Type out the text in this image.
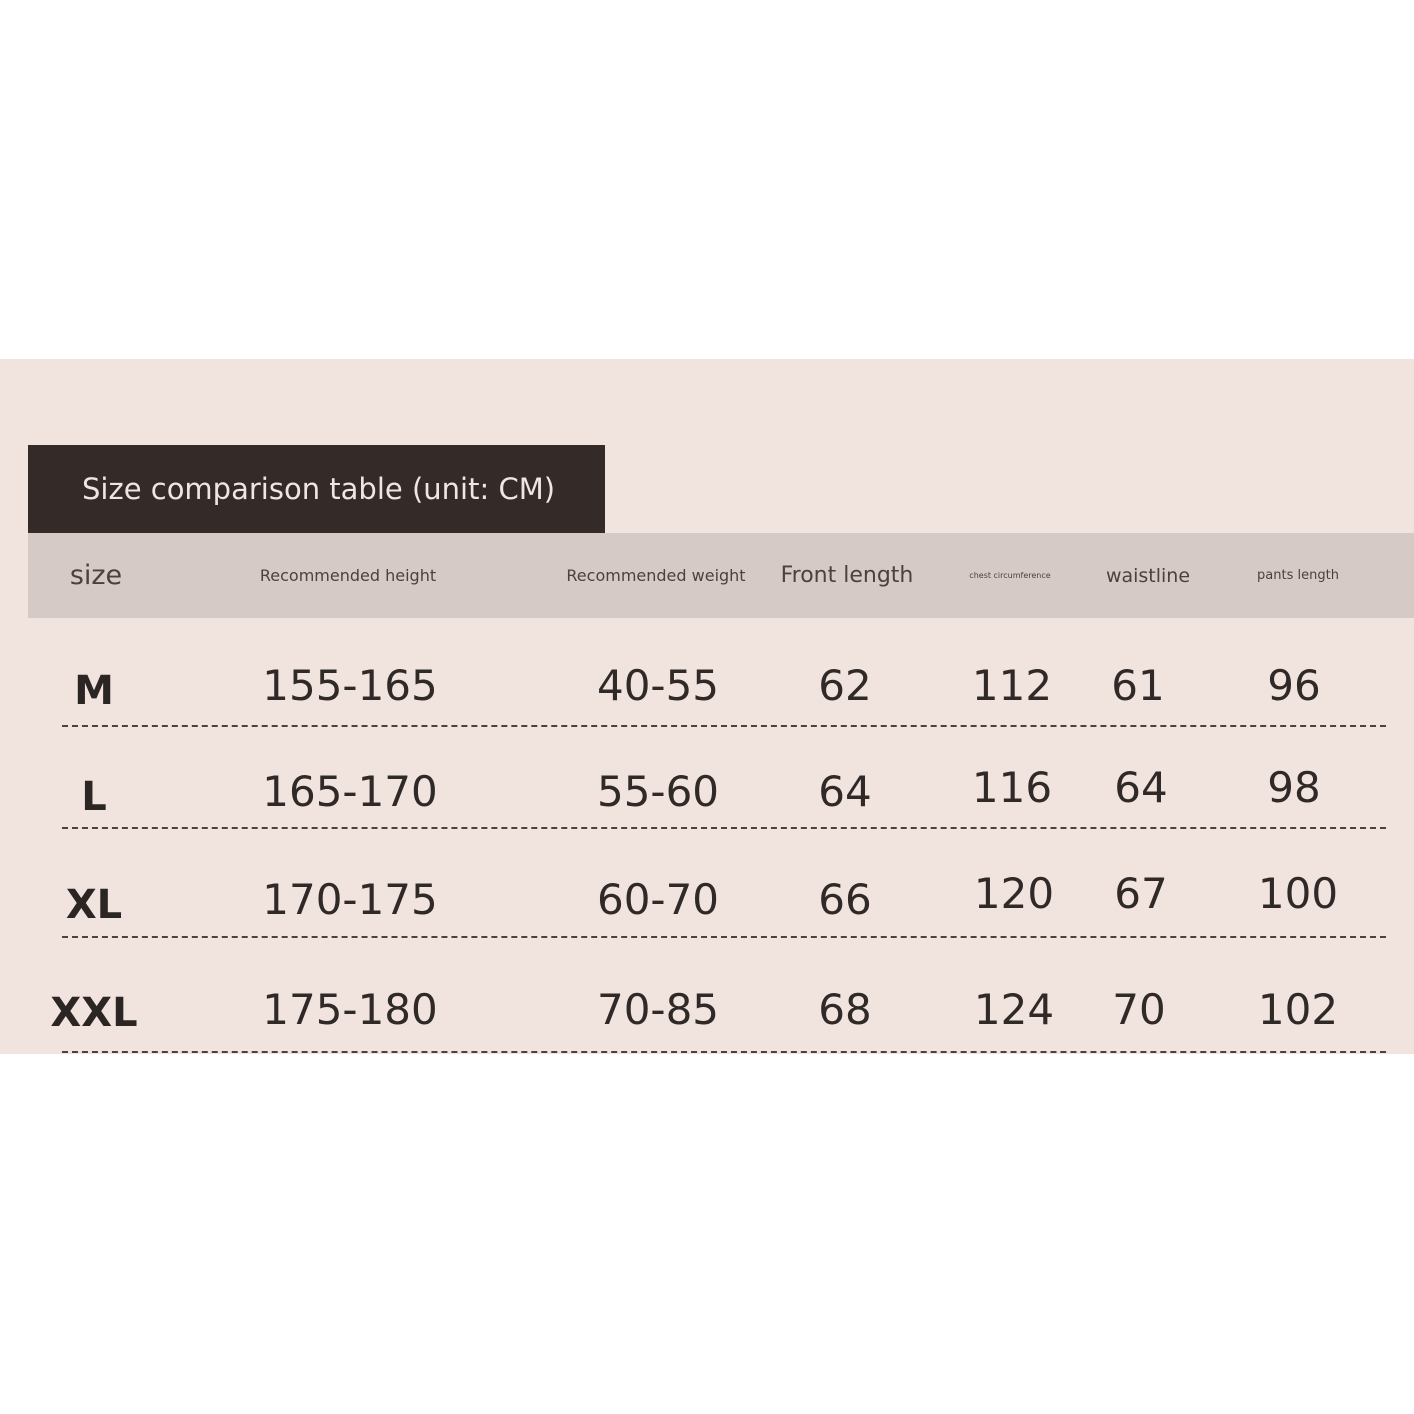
Size comparison table (unit: CM)
size	Recommended height	Recommended weight	Front length	chest circumference	waistline	pants length
M	155-165	40-55	62	112	61	96
L	165-170	55-60	64	116	64	98
XL	170-175	60-70	66	120	67	100
XXL	175-180	70-85	68	124	70	102
